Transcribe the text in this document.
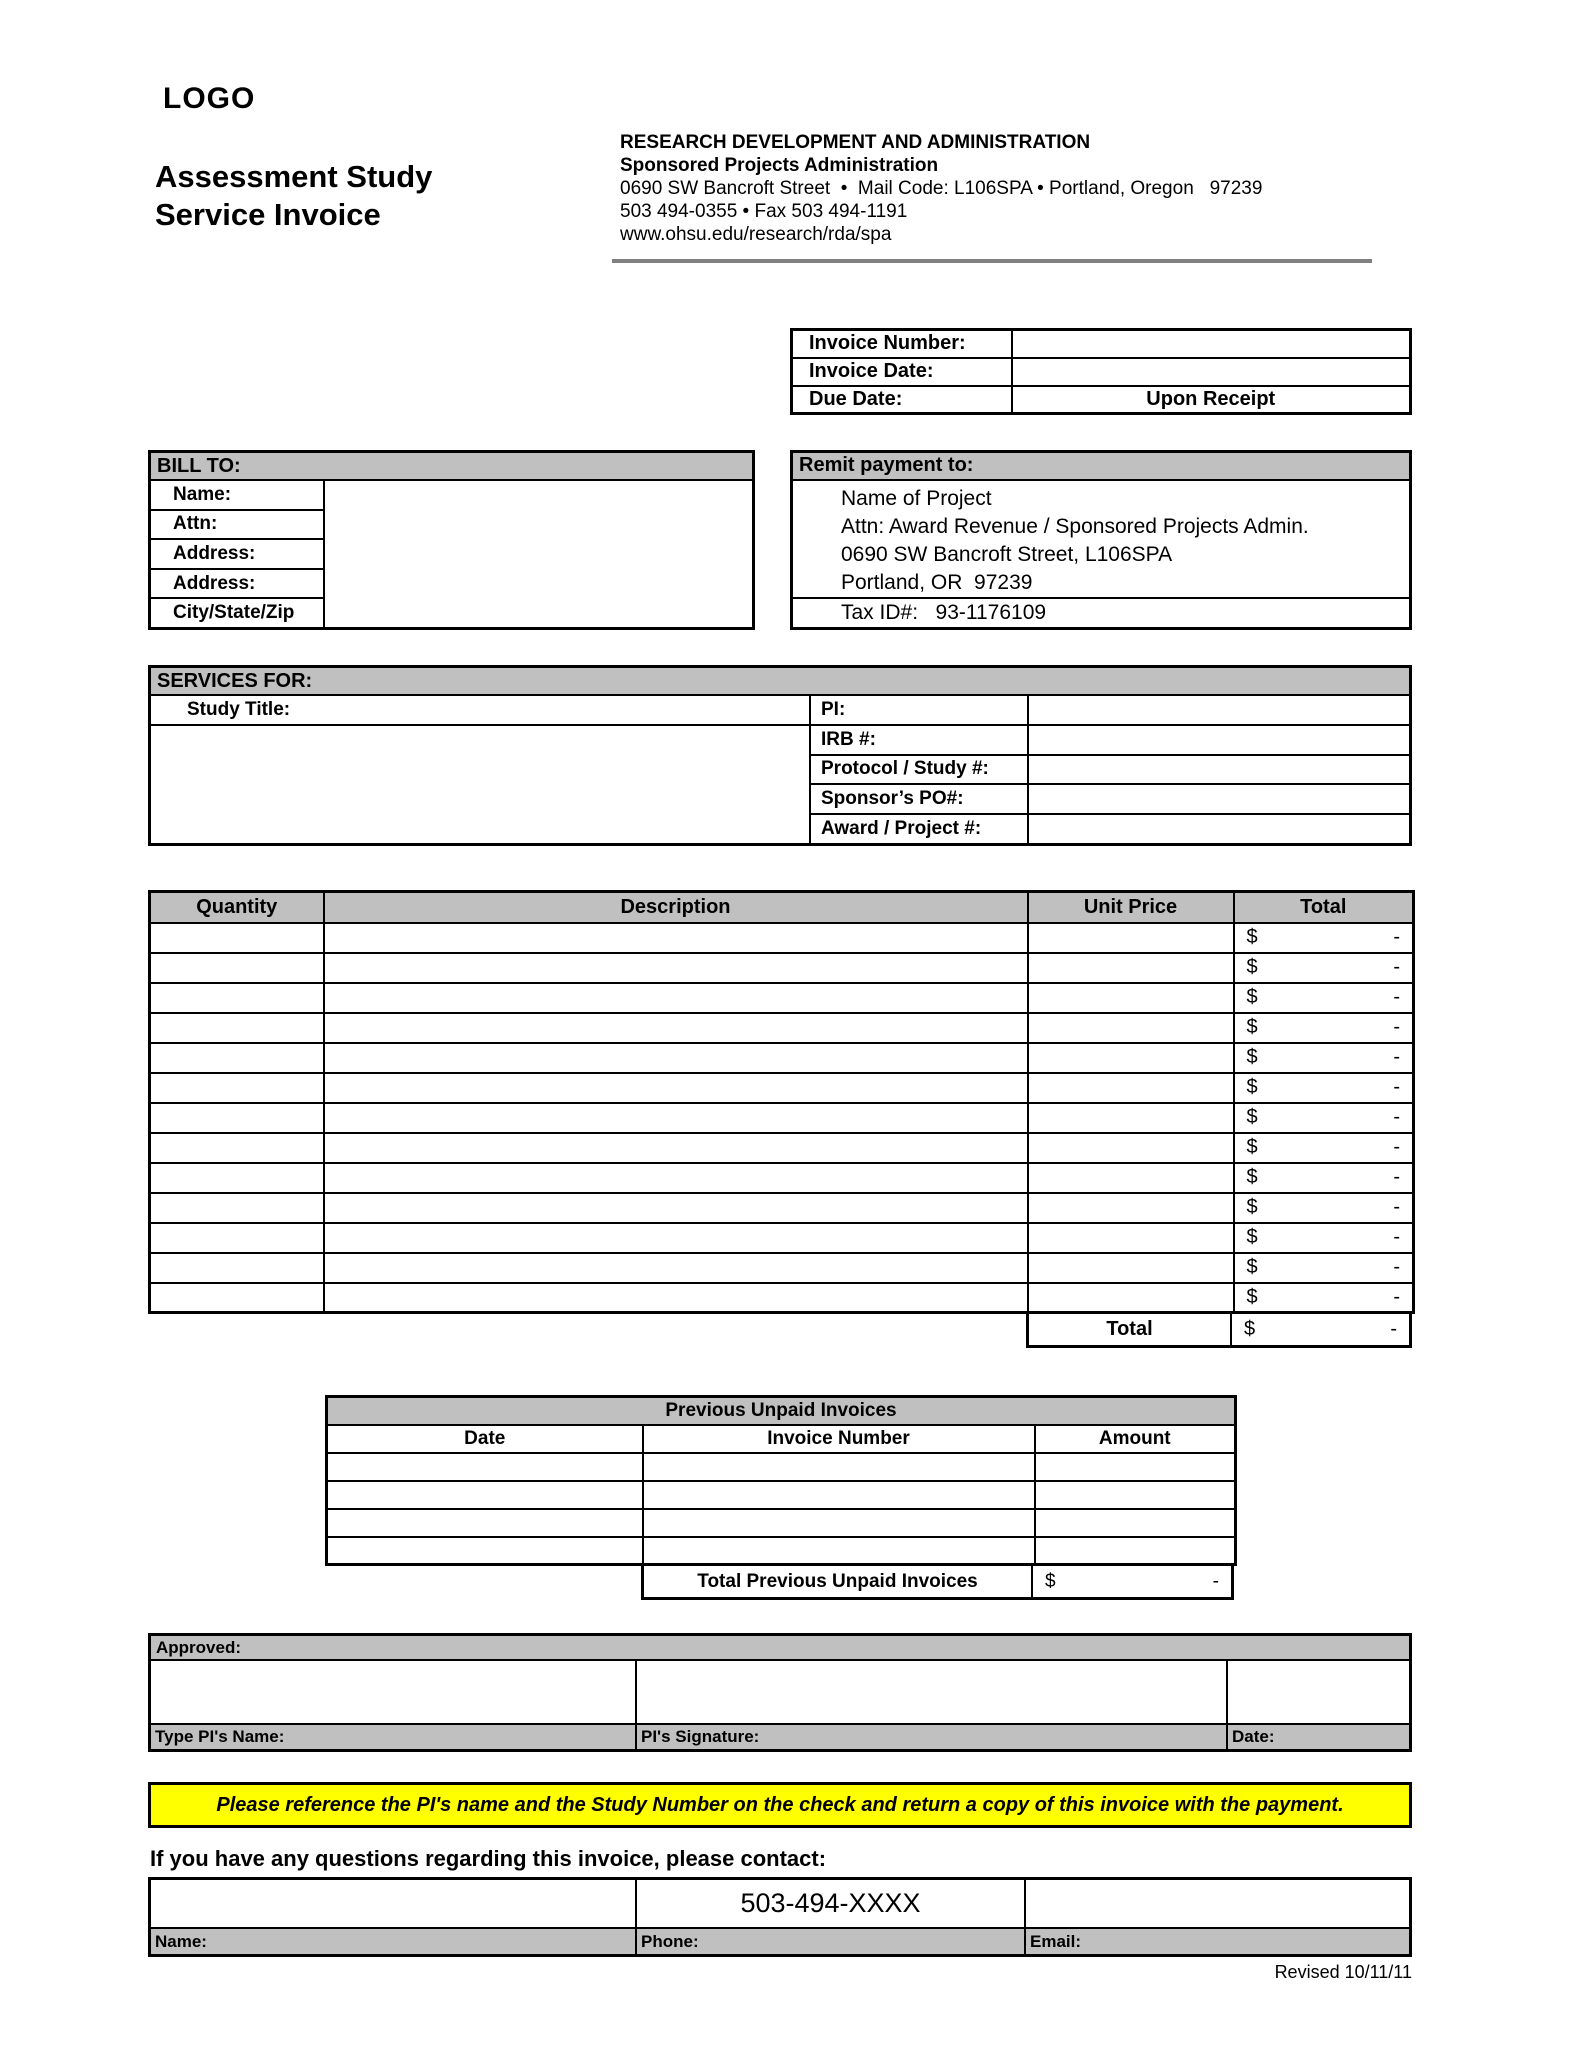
LOGO
Assessment Study
Service Invoice
RESEARCH DEVELOPMENT AND ADMINISTRATION
Sponsored Projects Administration
0690 SW Bancroft Street  •  Mail Code: L106SPA • Portland, Oregon   97239
503 494-0355 • Fax 503 494-1191
www.ohsu.edu/research/rda/spa
Invoice Number:	
Invoice Date:	
Due Date:	Upon Receipt
BILL TO:
Name:
Attn:
Address:
Address:
City/State/Zip
Remit payment to:
Name of Project
Attn: Award Revenue / Sponsored Projects Admin.
0690 SW Bancroft Street, L106SPA
Portland, OR  97239
Tax ID#:   93-1176109
SERVICES FOR:
Study Title:	PI:
IRB #:
Protocol / Study #:
Sponsor’s PO#:
Award / Project #:
Quantity	Description	Unit Price	Total

			$ -

			$ -

			$ -

			$ -

			$ -

			$ -

			$ -

			$ -

			$ -

			$ -

			$ -

			$ -

			$ -
Total	$	-
Previous Unpaid Invoices		
Date	Invoice Number	Amount

Total Previous Unpaid Invoices	$	-
Approved:
Type PI's Name:	PI's Signature:	Date:
Please reference the PI's name and the Study Number on the check and return a copy of this invoice with the payment.
If you have any questions regarding this invoice, please contact:
503-494-XXXX
Name:	Phone:	Email:
Revised 10/11/11
